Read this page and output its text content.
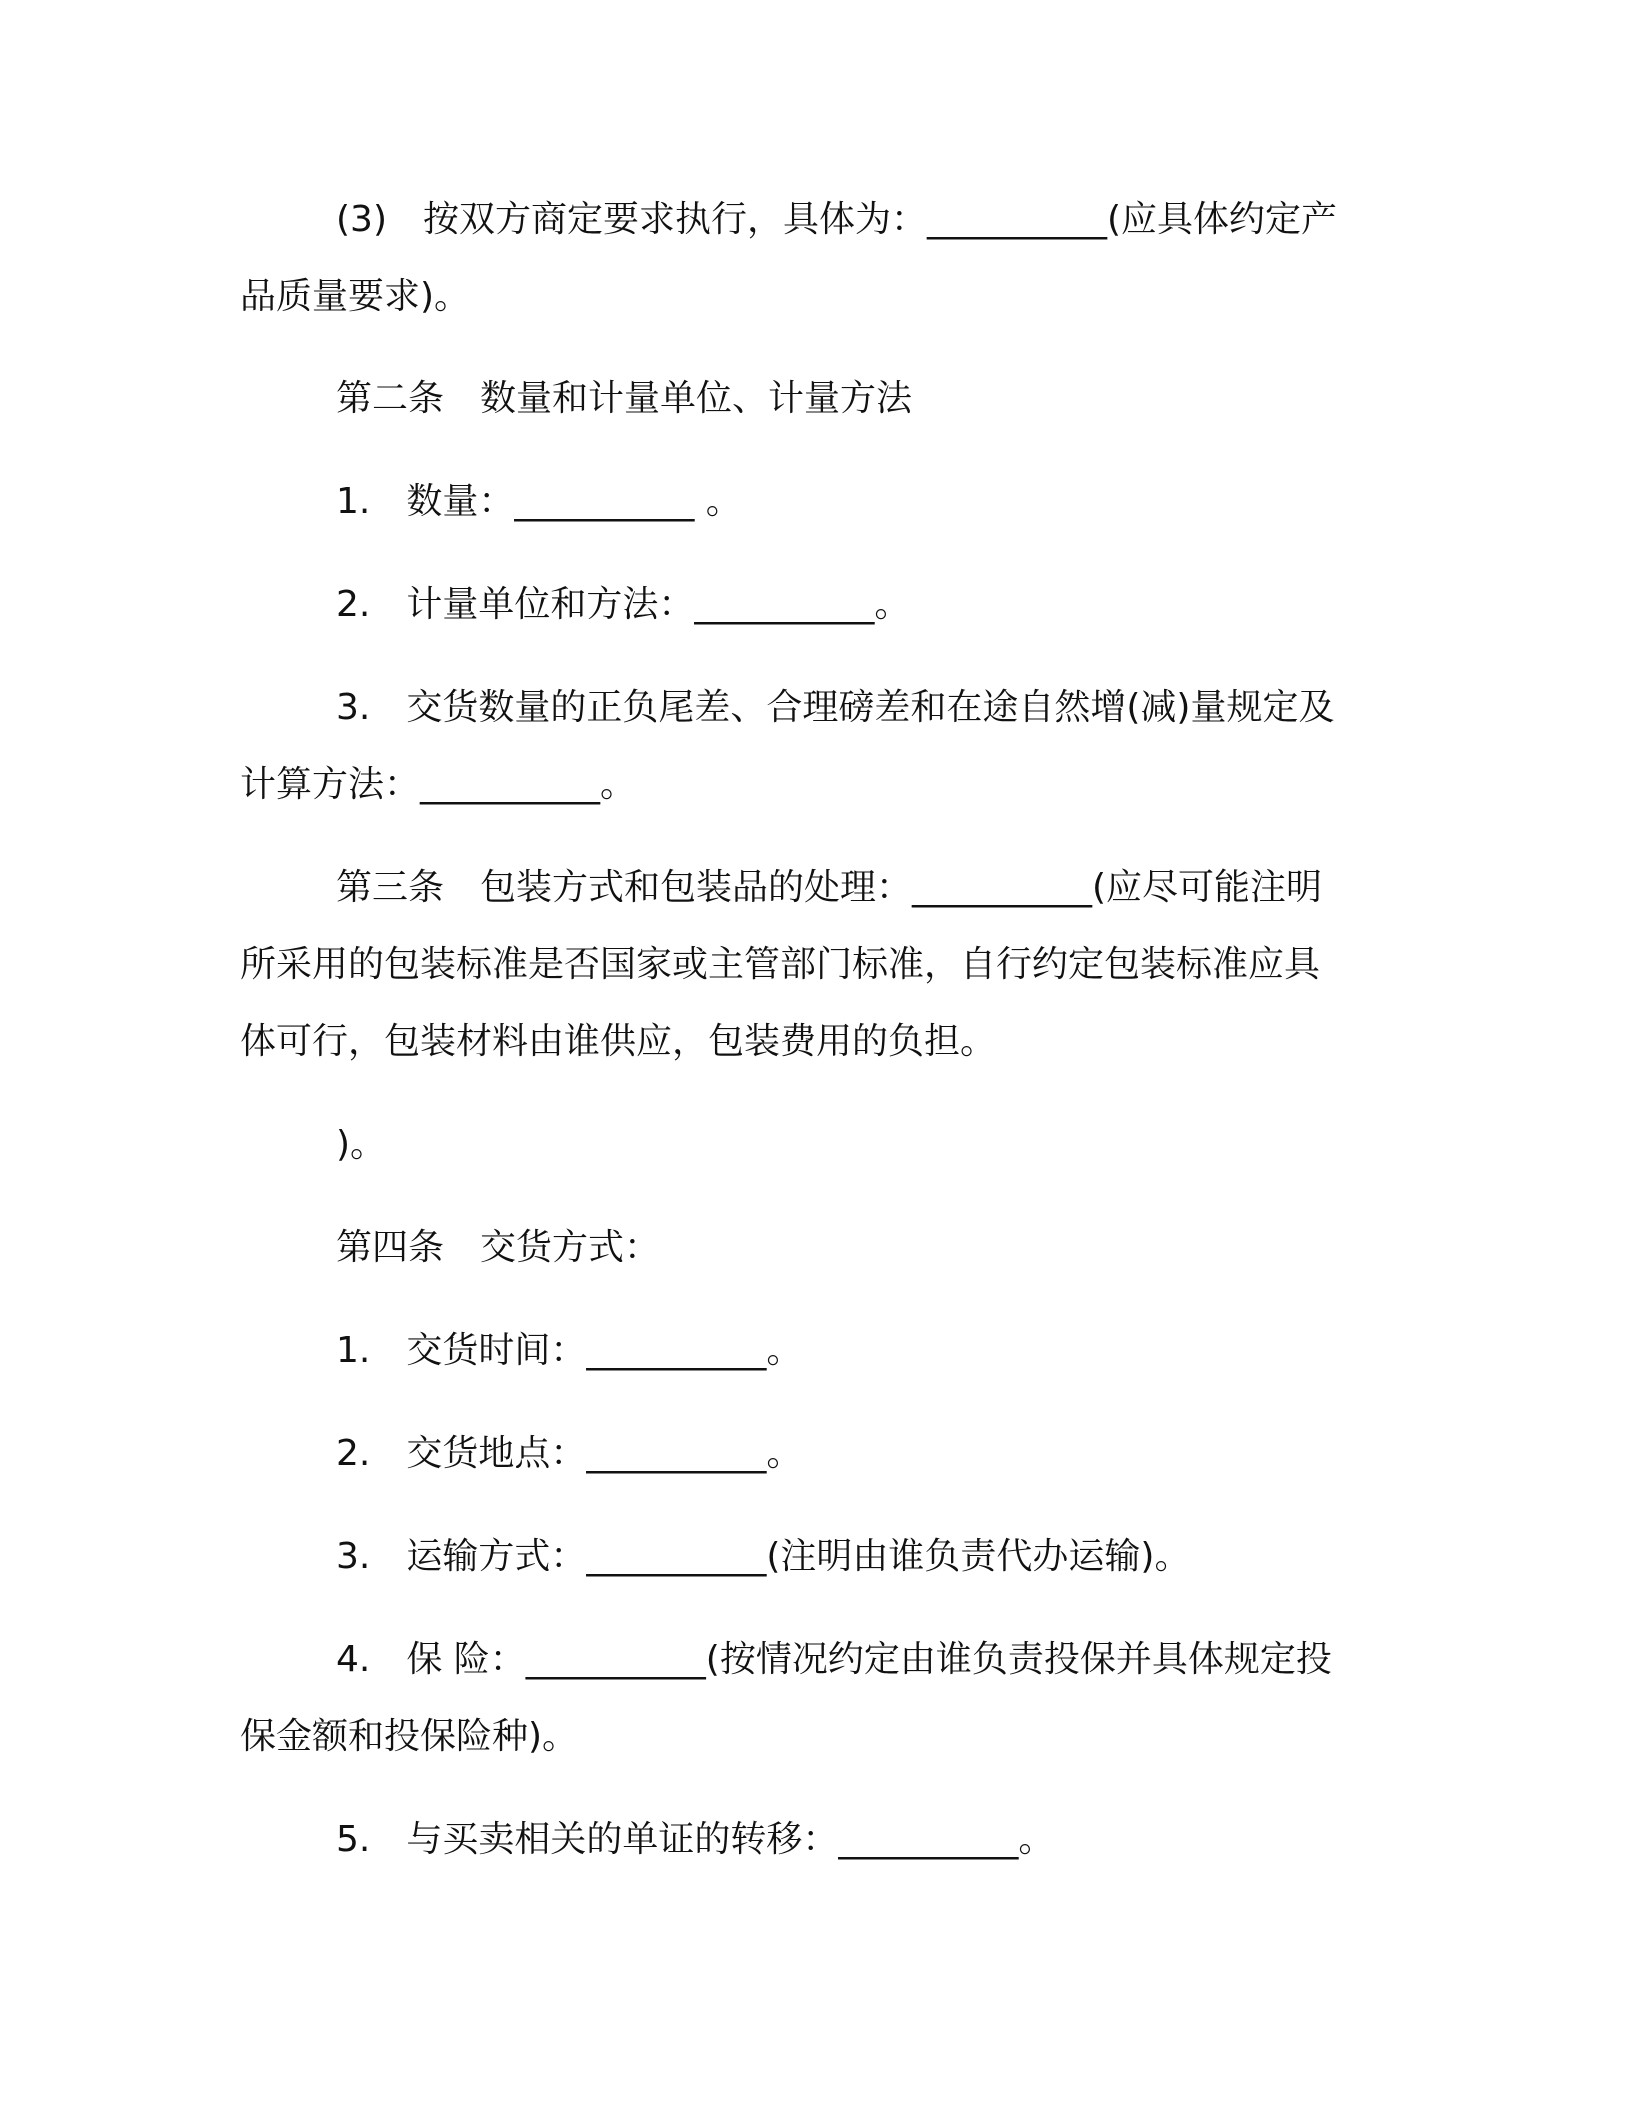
(3)　按双方商定要求执行，具体为：__________(应具体约定产
品质量要求)。
第二条　数量和计量单位、计量方法
1.　数量：__________ 。
2.　计量单位和方法：__________。
3.　交货数量的正负尾差、合理磅差和在途自然增(减)量规定及
计算方法：__________。
第三条　包装方式和包装品的处理：__________(应尽可能注明
所采用的包装标准是否国家或主管部门标准，自行约定包装标准应具
体可行，包装材料由谁供应，包装费用的负担。
)。
第四条　交货方式：
1.　交货时间：__________。
2.　交货地点：__________。
3.　运输方式：__________(注明由谁负责代办运输)。
4.　保 险：__________(按情况约定由谁负责投保并具体规定投
保金额和投保险种)。
5.　与买卖相关的单证的转移：__________。
